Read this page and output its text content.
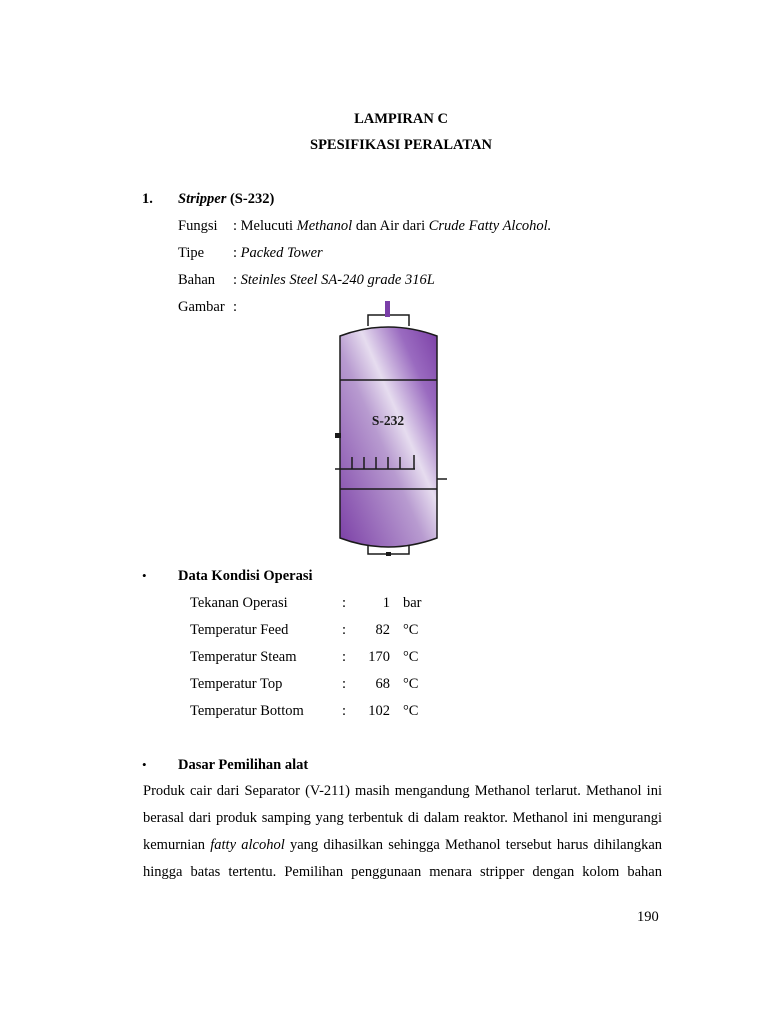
LAMPIRAN C
SPESIFIKASI PERALATAN
1. Stripper (S-232)
Fungsi : Melucuti Methanol dan Air dari Crude Fatty Alcohol.
Tipe : Packed Tower
Bahan : Steinles Steel SA-240 grade 316L
Gambar :
S-232
• Data Kondisi Operasi
Tekanan Operasi	:	1 bar
Temperatur Feed	:	82 °C
Temperatur Steam	:	170 °C
Temperatur Top	:	68 °C
Temperatur Bottom	:	102 °C
• Dasar Pemilihan alat
Produk cair dari Separator (V-211) masih mengandung Methanol terlarut. Methanol ini
berasal dari produk samping yang terbentuk di dalam reaktor. Methanol ini mengurangi
kemurnian fatty alcohol yang dihasilkan sehingga Methanol tersebut harus dihilangkan
hingga batas tertentu. Pemilihan penggunaan menara stripper dengan kolom bahan
190
